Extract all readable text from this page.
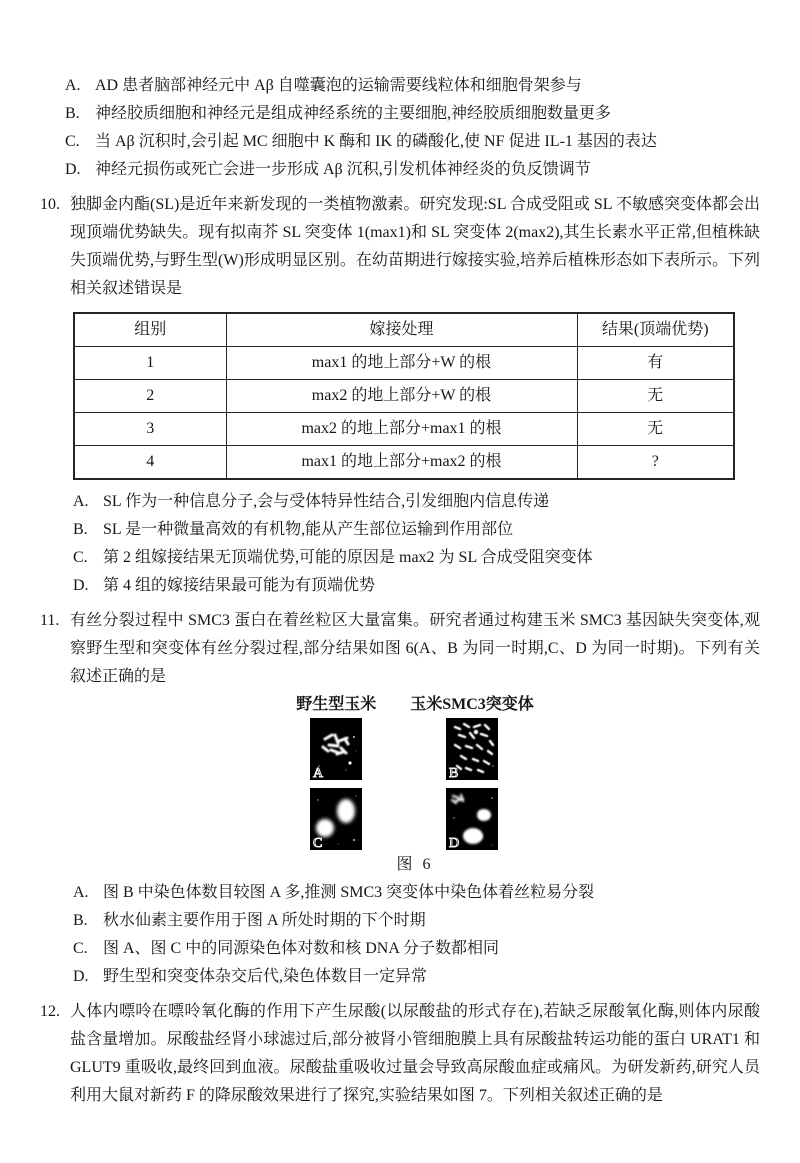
A. AD 患者脑部神经元中 Aβ 自噬囊泡的运输需要线粒体和细胞骨架参与
B. 神经胶质细胞和神经元是组成神经系统的主要细胞,神经胶质细胞数量更多
C. 当 Aβ 沉积时,会引起 MC 细胞中 K 酶和 IK 的磷酸化,使 NF 促进 IL-1 基因的表达
D. 神经元损伤或死亡会进一步形成 Aβ 沉积,引发机体神经炎的负反馈调节
10. 独脚金内酯(SL)是近年来新发现的一类植物激素。研究发现:SL 合成受阻或 SL 不敏感突变体都会出现顶端优势缺失。现有拟南芥 SL 突变体 1(max1)和 SL 突变体 2(max2),其生长素水平正常,但植株缺失顶端优势,与野生型(W)形成明显区别。在幼苗期进行嫁接实验,培养后植株形态如下表所示。下列相关叙述错误是
组别	嫁接处理	结果(顶端优势)
1	max1 的地上部分+W 的根	有
2	max2 的地上部分+W 的根	无
3	max2 的地上部分+max1 的根	无
4	max1 的地上部分+max2 的根	?
A. SL 作为一种信息分子,会与受体特异性结合,引发细胞内信息传递
B. SL 是一种微量高效的有机物,能从产生部位运输到作用部位
C. 第 2 组嫁接结果无顶端优势,可能的原因是 max2 为 SL 合成受阻突变体
D. 第 4 组的嫁接结果最可能为有顶端优势
11. 有丝分裂过程中 SMC3 蛋白在着丝粒区大量富集。研究者通过构建玉米 SMC3 基因缺失突变体,观察野生型和突变体有丝分裂过程,部分结果如图 6(A、B 为同一时期,C、D 为同一时期)。下列有关叙述正确的是
野生型玉米
A
C
玉米SMC3突变体
B
D
图 6
A. 图 B 中染色体数目较图 A 多,推测 SMC3 突变体中染色体着丝粒易分裂
B. 秋水仙素主要作用于图 A 所处时期的下个时期
C. 图 A、图 C 中的同源染色体对数和核 DNA 分子数都相同
D. 野生型和突变体杂交后代,染色体数目一定异常
12. 人体内嘌呤在嘌呤氧化酶的作用下产生尿酸(以尿酸盐的形式存在),若缺乏尿酸氧化酶,则体内尿酸盐含量增加。尿酸盐经肾小球滤过后,部分被肾小管细胞膜上具有尿酸盐转运功能的蛋白 URAT1 和 GLUT9 重吸收,最终回到血液。尿酸盐重吸收过量会导致高尿酸血症或痛风。为研发新药,研究人员利用大鼠对新药 F 的降尿酸效果进行了探究,实验结果如图 7。下列相关叙述正确的是
